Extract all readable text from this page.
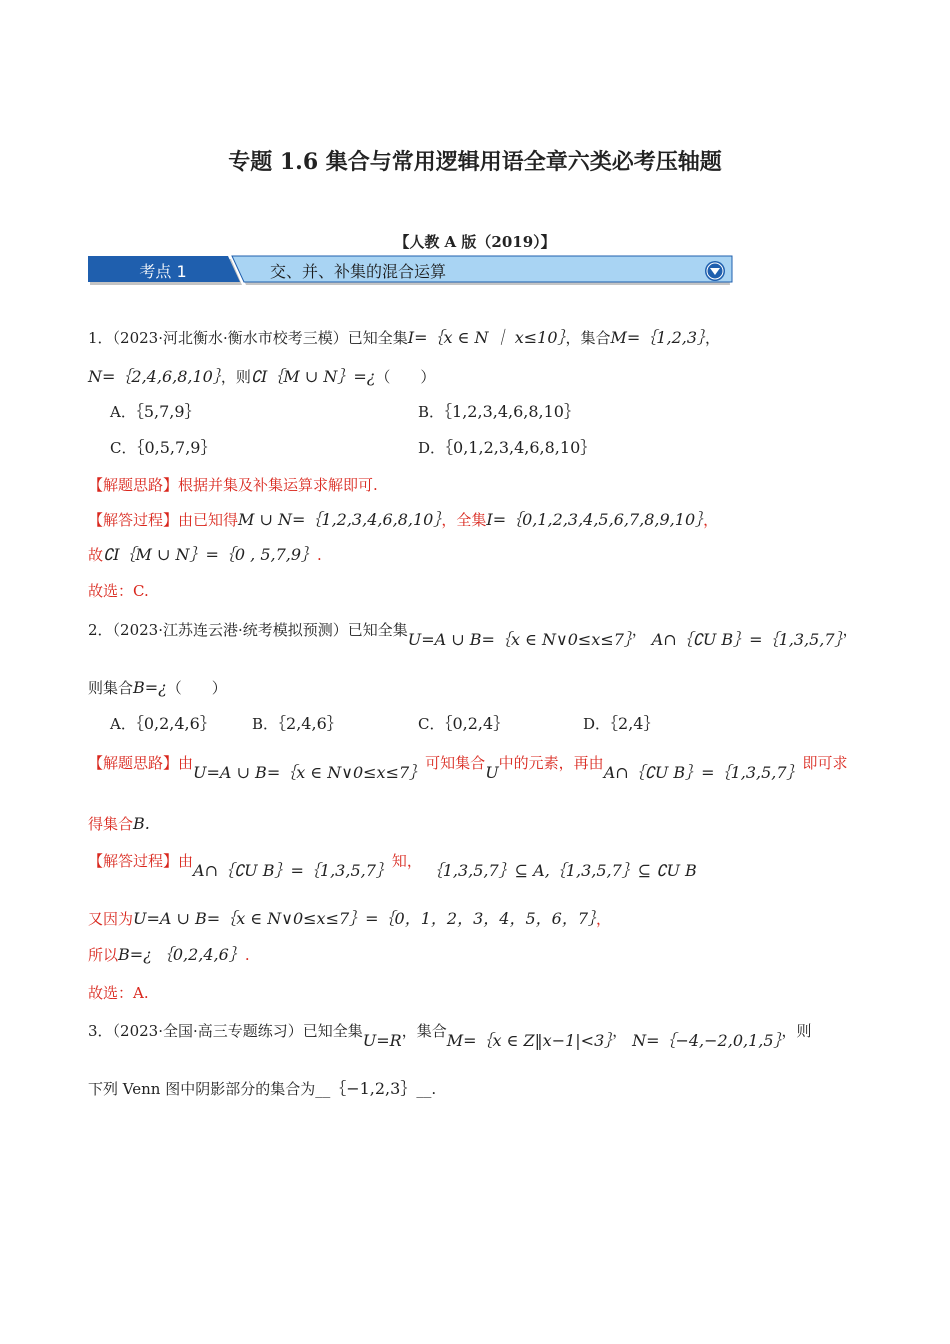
专题 1.6 集合与常用逻辑用语全章六类必考压轴题
【人教 A 版（2019）】
考点 1	交、并、补集的混合运算
1．（2023·河北衡水·衡水市校考三模）已知全集I=｛x ∈ N ｜ x≤10｝，集合M=｛1,2,3｝，
N=｛2,4,6,8,10｝，则∁I｛M ∪ N｝=¿（　　）
A．｛5,7,9｝	B．｛1,2,3,4,6,8,10｝
C．｛0,5,7,9｝	D．｛0,1,2,3,4,6,8,10｝
【解题思路】根据并集及补集运算求解即可.
【解答过程】由已知得M ∪ N=｛1,2,3,4,6,8,10｝，全集I=｛0,1,2,3,4,5,6,7,8,9,10｝，
故∁I｛M ∪ N｝=｛0 , 5,7,9｝.
故选：C.
2．（2023·江苏连云港·统考模拟预测）已知全集U=A ∪ B=｛x ∈ N∨0≤x≤7｝， A∩｛∁U B｝=｛1,3,5,7｝，
则集合B=¿（　　）
A．｛0,2,4,6｝ B．｛2,4,6｝	C．｛0,2,4｝	D．｛2,4｝
【解题思路】由U=A ∪ B=｛x ∈ N∨0≤x≤7｝可知集合U中的元素，再由A∩｛∁U B｝=｛1,3,5,7｝即可求
得集合B.
【解答过程】由A∩｛∁U B｝=｛1,3,5,7｝知， ｛1,3,5,7｝⊆ A,｛1,3,5,7｝⊆ ∁U B
又因为U=A ∪ B=｛x ∈ N∨0≤x≤7｝=｛0，1，2，3，4，5，6，7｝，
所以B=¿ ｛0,2,4,6｝.
故选：A.
3．（2023·全国·高三专题练习）已知全集U=R，集合M=｛x ∈ Z‖x−1|<3｝， N=｛−4,−2,0,1,5｝，则
下列 Venn 图中阴影部分的集合为__｛−1,2,3｝__.
